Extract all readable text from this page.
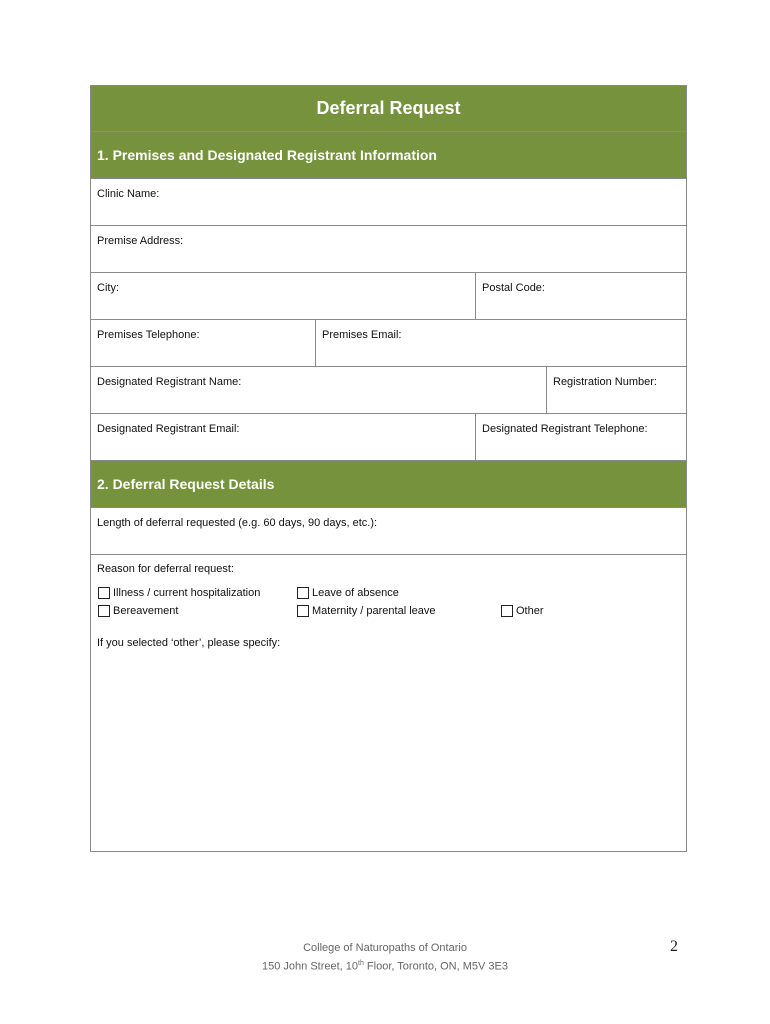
Deferral Request
1. Premises and Designated Registrant Information
Clinic Name:
Premise Address:
City:	Postal Code:
Premises Telephone:	Premises Email:
Designated Registrant Name:	Registration Number:
Designated Registrant Email:	Designated Registrant Telephone:
2. Deferral Request Details
Length of deferral requested (e.g. 60 days, 90 days, etc.):
Reason for deferral request:
Illness / current hospitalization	Leave of absence
Bereavement	Maternity / parental leave	Other
If you selected ‘other’, please specify:
College of Naturopaths of Ontario
150 John Street, 10th Floor, Toronto, ON, M5V 3E3
2
